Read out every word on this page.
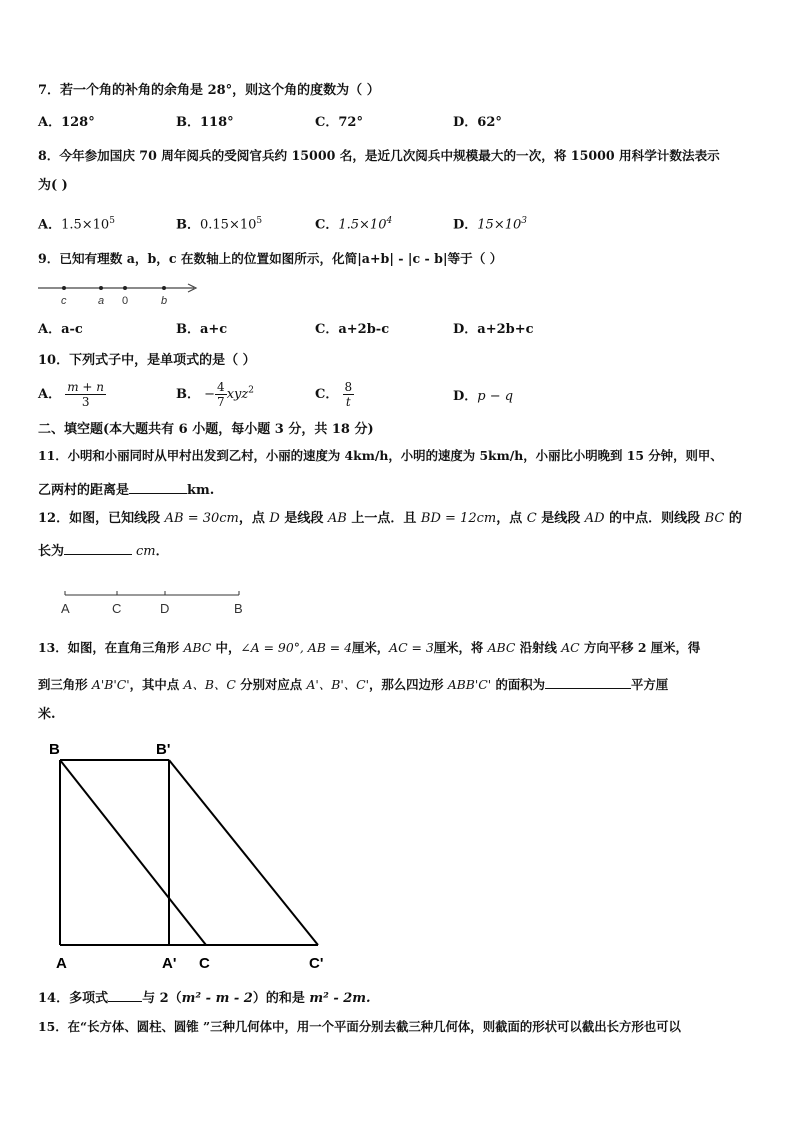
7．若一个角的补角的余角是 28°，则这个角的度数为（ ）
A．128°	B．118°	C．72°	D．62°
8．今年参加国庆 70 周年阅兵的受阅官兵约 15000 名，是近几次阅兵中规模最大的一次，将 15000 用科学计数法表示
为( )
A．$1.5\times 10^5$	B．$0.15\times 10^5$	C．$1.5\times 10^4$	D．$15\times 10^3$
9．已知有理数 a，b，c 在数轴上的位置如图所示，化简|a+b| - |c - b|等于（ ）
c	a 0	b
A．a-c	B．a+c	C．a+2b-c	D．a+2b+c
10．下列式子中，是单项式的是（ ）
A． $\frac{m + n}{3}$	B． − $\frac{4}{7} xyz^2$	C． $\frac{8}{t}$	D．p − q
二、填空题(本大题共有 6 小题，每小题 3 分，共 18 分)
11．小明和小丽同时从甲村出发到乙村，小丽的速度为 4km/h，小明的速度为 5km/h，小丽比小明晚到 15 分钟，则甲、
乙两村的距离是	km.
12．如图，已知线段 AB = 30cm，点 D 是线段 AB 上一点．且 BD = 12cm，点 C 是线段 AD 的中点．则线段 BC 的
长为	cm．
A	C	D	B
13．如图，在直角三角形 ABC 中，∠A = 90°, AB = 4厘米，AC = 3厘米，将 ABC 沿射线 AC 方向平移 2 厘米，得
到三角形 A'B'C'，其中点 A、B、C 分别对应点 A'、B'、C'，那么四边形 ABB'C' 的面积为	平方厘
米.
B	B'
A	A' C	C'
14．多项式	与 2（m² - m - 2）的和是 m² - 2m.
15．在“长方体、圆柱、圆锥 ”三种几何体中，用一个平面分别去截三种几何体，则截面的形状可以截出长方形也可以
